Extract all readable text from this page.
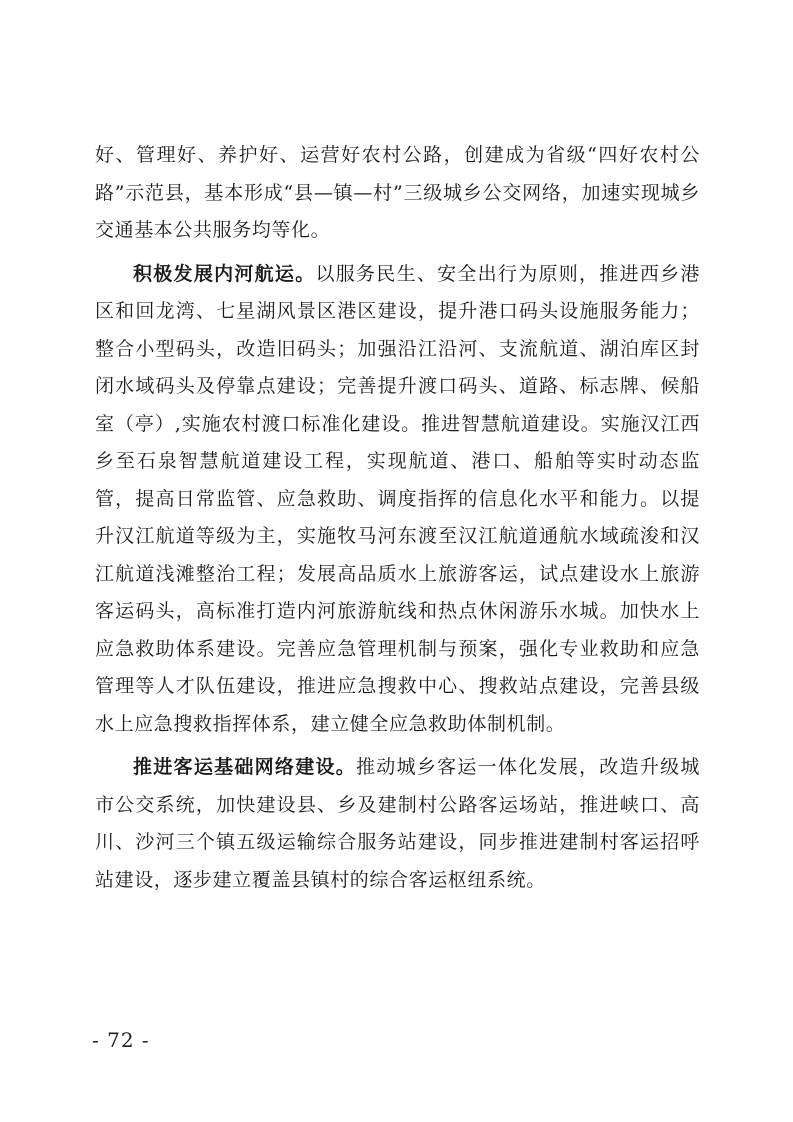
好、管理好、养护好、运营好农村公路，创建成为省级“四好农村公路”示范县，基本形成“县—镇—村”三级城乡公交网络，加速实现城乡交通基本公共服务均等化。

积极发展内河航运。以服务民生、安全出行为原则，推进西乡港区和回龙湾、七星湖风景区港区建设，提升港口码头设施服务能力；整合小型码头，改造旧码头；加强沿江沿河、支流航道、湖泊库区封闭水域码头及停靠点建设；完善提升渡口码头、道路、标志牌、候船室（亭）,实施农村渡口标准化建设。推进智慧航道建设。实施汉江西乡至石泉智慧航道建设工程，实现航道、港口、船舶等实时动态监管，提高日常监管、应急救助、调度指挥的信息化水平和能力。以提升汉江航道等级为主，实施牧马河东渡至汉江航道通航水域疏浚和汉江航道浅滩整治工程；发展高品质水上旅游客运，试点建设水上旅游客运码头，高标准打造内河旅游航线和热点休闲游乐水城。加快水上应急救助体系建设。完善应急管理机制与预案，强化专业救助和应急管理等人才队伍建设，推进应急搜救中心、搜救站点建设，完善县级水上应急搜救指挥体系，建立健全应急救助体制机制。

推进客运基础网络建设。推动城乡客运一体化发展，改造升级城市公交系统，加快建设县、乡及建制村公路客运场站，推进峡口、高川、沙河三个镇五级运输综合服务站建设，同步推进建制村客运招呼站建设，逐步建立覆盖县镇村的综合客运枢纽系统。

- 72 -
